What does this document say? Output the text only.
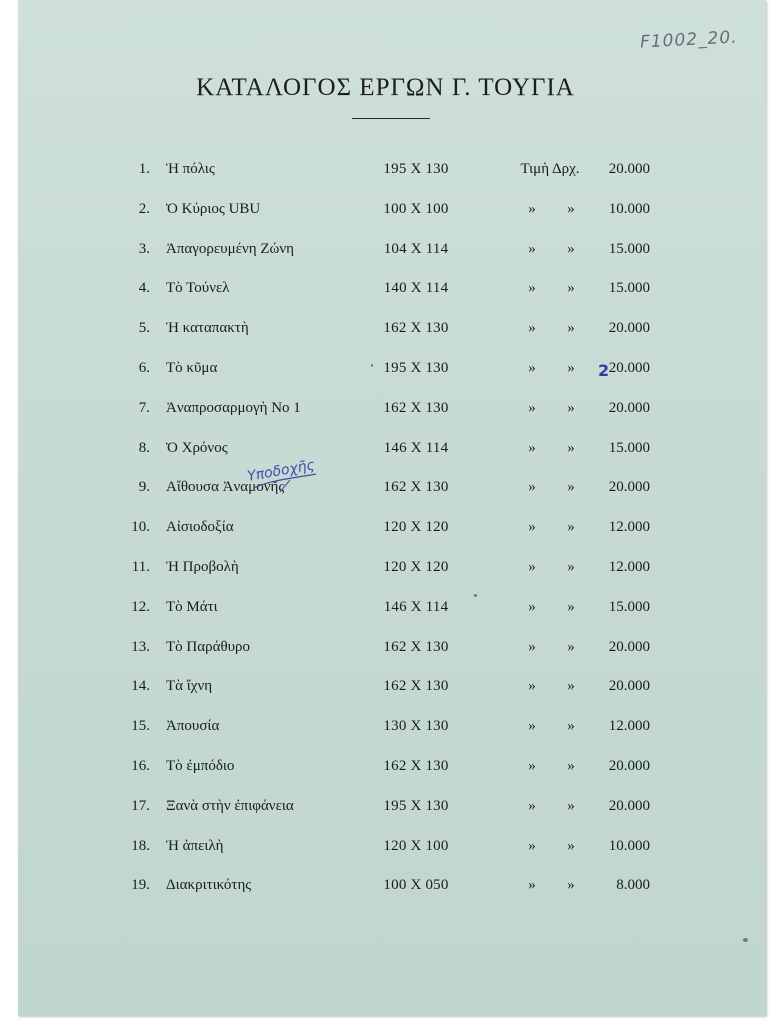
F1002_20.
ΚΑΤΑΛΟΓΟΣ ΕΡΓΩΝ Γ. ΤΟΥΓΙΑ
1. Ἡ πόλις	195 X 130	Τιμὴ Δρχ.	20.000
2. Ὁ Κύριος UBU	100 X 100	»	»	10.000
3. Ἀπαγορευμένη Ζώνη	104 X 114	»	»	15.000
4. Τὸ Τούνελ	140 X 114	»	»	15.000
5. Ἡ καταπακτὴ	162 X 130	»	»	20.000
6. Τὸ κῦμα	195 X 130	»	»	20.000
7. Ἀναπροσαρμογὴ No 1	162 X 130	»	»	20.000
8. Ὁ Χρόνος	146 X 114	»	»	15.000
9. Αἴθουσα Ἀναμονῆς	162 X 130	»	»	20.000
10. Αἰσιοδοξία	120 X 120	»	»	12.000
11. Ἡ Προβολὴ	120 X 120	»	»	12.000
12. Τὸ Μάτι	146 X 114	»	»	15.000
13. Τὸ Παράθυρο	162 X 130	»	»	20.000
14. Τὰ ἴχνη	162 X 130	»	»	20.000
15. Ἀπουσία	130 X 130	»	»	12.000
16. Τὸ ἐμπόδιο	162 X 130	»	»	20.000
17. Ξανὰ στὴν ἐπιφάνεια	195 X 130	»	»	20.000
18. Ἡ ἀπειλὴ	120 X 100	»	»	10.000
19. Διακριτικότης	100 X 050	»	»	8.000
Υποδοχῆς
2
